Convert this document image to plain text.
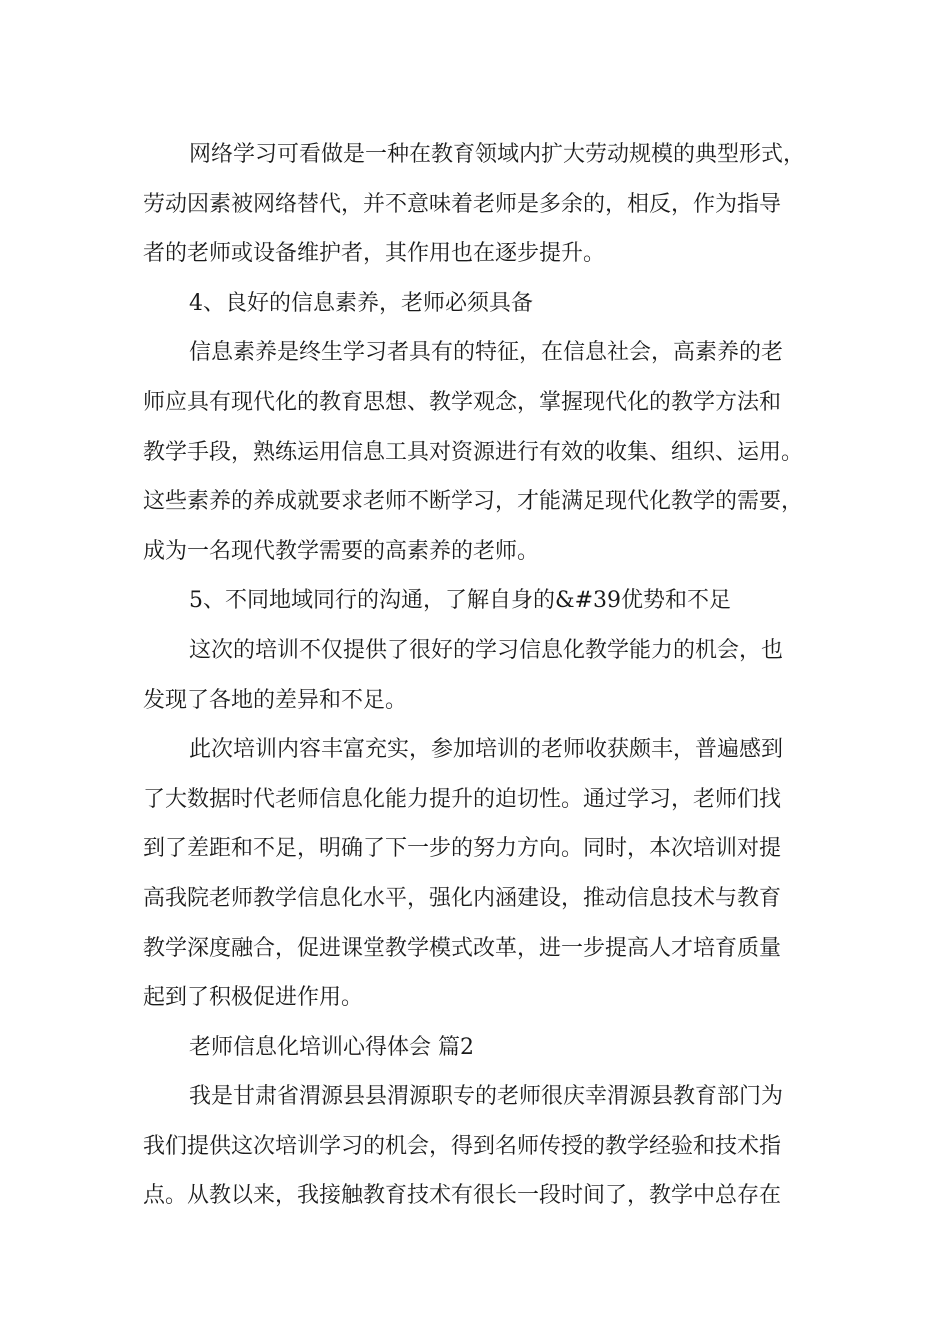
网络学习可看做是一种在教育领域内扩大劳动规模的典型形式，
劳动因素被网络替代，并不意味着老师是多余的，相反，作为指导
者的老师或设备维护者，其作用也在逐步提升。
4、良好的信息素养，老师必须具备
信息素养是终生学习者具有的特征，在信息社会，高素养的老
师应具有现代化的教育思想、教学观念，掌握现代化的教学方法和
教学手段，熟练运用信息工具对资源进行有效的收集、组织、运用。
这些素养的养成就要求老师不断学习，才能满足现代化教学的需要，
成为一名现代教学需要的高素养的老师。
5、不同地域同行的沟通，了解自身的&#39优势和不足
这次的培训不仅提供了很好的学习信息化教学能力的机会，也
发现了各地的差异和不足。
此次培训内容丰富充实，参加培训的老师收获颇丰，普遍感到
了大数据时代老师信息化能力提升的迫切性。通过学习，老师们找
到了差距和不足，明确了下一步的努力方向。同时，本次培训对提
高我院老师教学信息化水平，强化内涵建设，推动信息技术与教育
教学深度融合，促进课堂教学模式改革，进一步提高人才培育质量
起到了积极促进作用。
老师信息化培训心得体会 篇2
我是甘肃省渭源县县渭源职专的老师很庆幸渭源县教育部门为
我们提供这次培训学习的机会，得到名师传授的教学经验和技术指
点。从教以来，我接触教育技术有很长一段时间了，教学中总存在
